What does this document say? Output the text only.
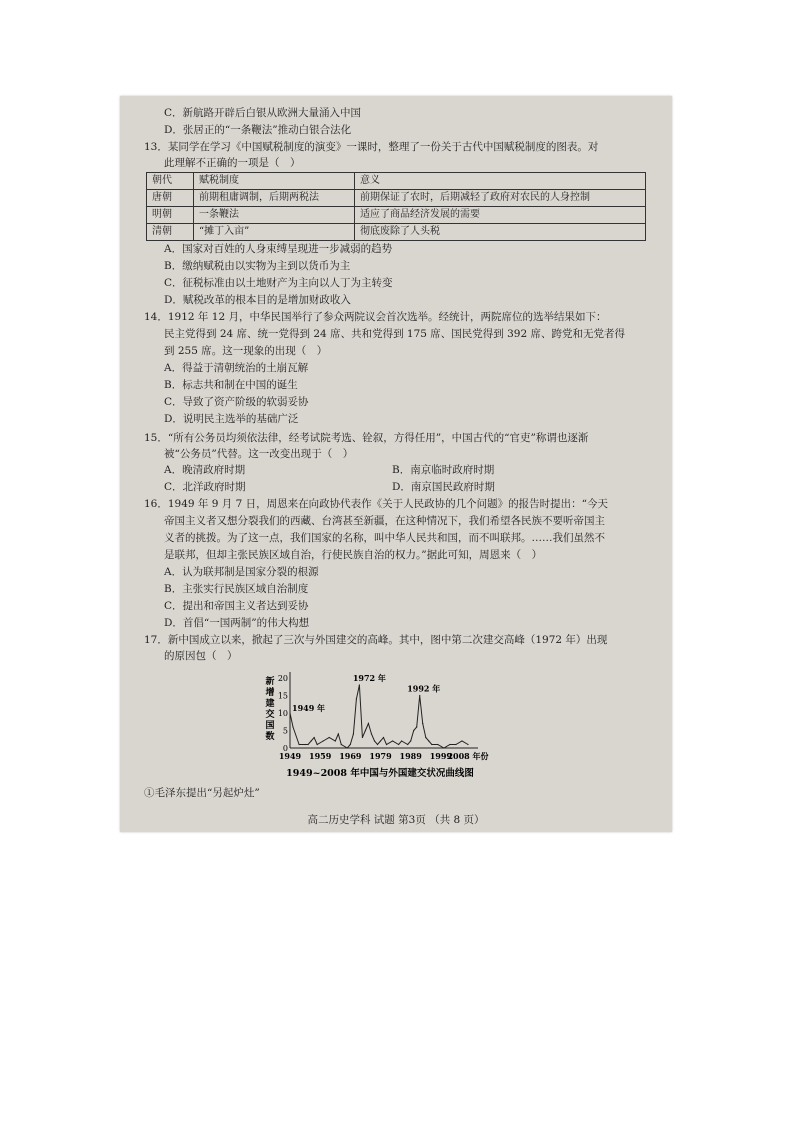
C．新航路开辟后白银从欧洲大量涌入中国
D．张居正的“一条鞭法”推动白银合法化
13．某同学在学习《中国赋税制度的演变》一课时，整理了一份关于古代中国赋税制度的图表。对
此理解不正确的一项是（　）
朝代	赋税制度	意义
唐朝	前期租庸调制，后期两税法	前期保证了农时，后期减轻了政府对农民的人身控制
明朝	一条鞭法	适应了商品经济发展的需要
清朝	“摊丁入亩”	彻底废除了人头税
A．国家对百姓的人身束缚呈现进一步减弱的趋势
B．缴纳赋税由以实物为主到以货币为主
C．征税标准由以土地财产为主向以人丁为主转变
D．赋税改革的根本目的是增加财政收入
14．1912 年 12 月，中华民国举行了参众两院议会首次选举。经统计，两院席位的选举结果如下：
民主党得到 24 席、统一党得到 24 席、共和党得到 175 席、国民党得到 392 席、跨党和无党者得
到 255 席。这一现象的出现（　）
A．得益于清朝统治的土崩瓦解
B．标志共和制在中国的诞生
C．导致了资产阶级的软弱妥协
D．说明民主选举的基础广泛
15．“所有公务员均须依法律，经考试院考选、铨叙，方得任用”，中国古代的“官吏”称谓也逐渐
被“公务员”代替。这一改变出现于（　）
A．晚清政府时期	B．南京临时政府时期
C．北洋政府时期	D．南京国民政府时期
16．1949 年 9 月 7 日，周恩来在向政协代表作《关于人民政协的几个问题》的报告时提出：“今天
帝国主义者又想分裂我们的西藏、台湾甚至新疆，在这种情况下，我们希望各民族不要听帝国主
义者的挑拨。为了这一点，我们国家的名称，叫中华人民共和国，而不叫联邦。……我们虽然不
是联邦，但却主张民族区域自治，行使民族自治的权力。”据此可知，周恩来（　）
A．认为联邦制是国家分裂的根源
B．主张实行民族区域自治制度
C．提出和帝国主义者达到妥协
D．首倡“一国两制”的伟大构想
17．新中国成立以来，掀起了三次与外国建交的高峰。其中，图中第二次建交高峰（1972 年）出现
的原因包（　）
新
增
建
交
国
数
0
5
10
15
20
1949 1959 1969 1979 1989 1999
2008 年份
1949 年
1972 年
1992 年
1949~2008 年中国与外国建交状况曲线图
①毛泽东提出“另起炉灶”
高二历史学科 试题 第3页 （共 8 页）
